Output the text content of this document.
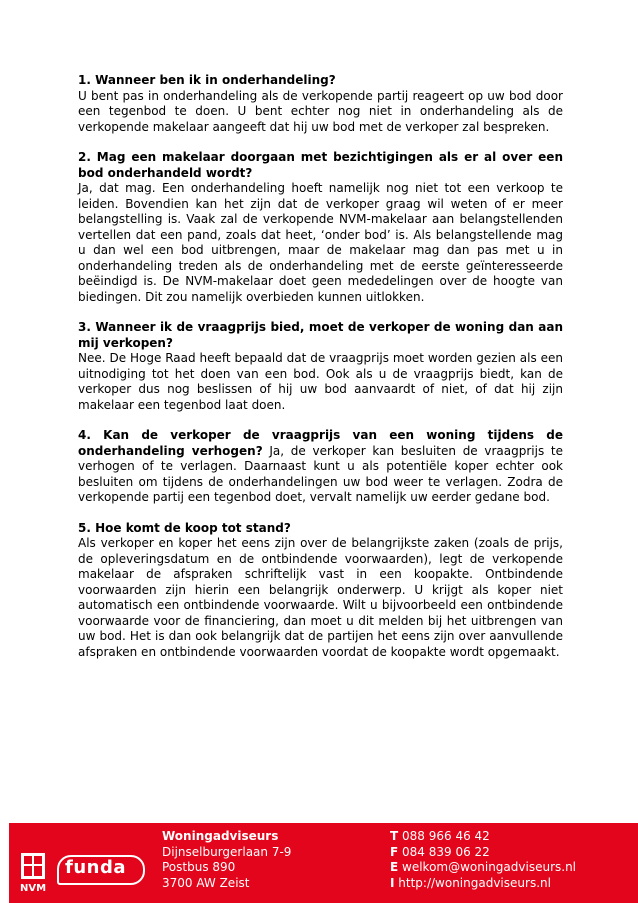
1. Wanneer ben ik in onderhandeling?

U bent pas in onderhandeling als de verkopende partij reageert op uw bod door een tegenbod te doen. U bent echter nog niet in onderhandeling als de verkopende makelaar aangeeft dat hij uw bod met de verkoper zal bespreken.

2. Mag een makelaar doorgaan met bezichtigingen als er al over een bod onderhandeld wordt?

Ja, dat mag. Een onderhandeling hoeft namelijk nog niet tot een verkoop te leiden. Bovendien kan het zijn dat de verkoper graag wil weten of er meer belangstelling is. Vaak zal de verkopende NVM-makelaar aan belangstellenden vertellen dat een pand, zoals dat heet, ‘onder bod’ is. Als belangstellende mag u dan wel een bod uitbrengen, maar de makelaar mag dan pas met u in onderhandeling treden als de onderhandeling met de eerste geïnteresseerde beëindigd is. De NVM-makelaar doet geen mededelingen over de hoogte van biedingen. Dit zou namelijk overbieden kunnen uitlokken.

3. Wanneer ik de vraagprijs bied, moet de verkoper de woning dan aan mij verkopen?

Nee. De Hoge Raad heeft bepaald dat de vraagprijs moet worden gezien als een uitnodiging tot het doen van een bod. Ook als u de vraagprijs biedt, kan de verkoper dus nog beslissen of hij uw bod aanvaardt of niet, of dat hij zijn makelaar een tegenbod laat doen.

4. Kan de verkoper de vraagprijs van een woning tijdens de onderhandeling verhogen? Ja, de verkoper kan besluiten de vraagprijs te verhogen of te verlagen. Daarnaast kunt u als potentiële koper echter ook besluiten om tijdens de onderhandelingen uw bod weer te verlagen. Zodra de verkopende partij een tegenbod doet, vervalt namelijk uw eerder gedane bod.

5. Hoe komt de koop tot stand?

Als verkoper en koper het eens zijn over de belangrijkste zaken (zoals de prijs, de opleveringsdatum en de ontbindende voorwaarden), legt de verkopende makelaar de afspraken schriftelijk vast in een koopakte. Ontbindende voorwaarden zijn hierin een belangrijk onderwerp. U krijgt als koper niet automatisch een ontbindende voorwaarde. Wilt u bijvoorbeeld een ontbindende voorwaarde voor de financiering, dan moet u dit melden bij het uitbrengen van uw bod. Het is dan ook belangrijk dat de partijen het eens zijn over aanvullende afspraken en ontbindende voorwaarden voordat de koopakte wordt opgemaakt.

NVM
funda
Woningadviseurs
Dijnselburgerlaan 7-9
Postbus 890
3700 AW Zeist
T 088 966 46 42
F 084 839 06 22
E welkom@woningadviseurs.nl
I http://woningadviseurs.nl
